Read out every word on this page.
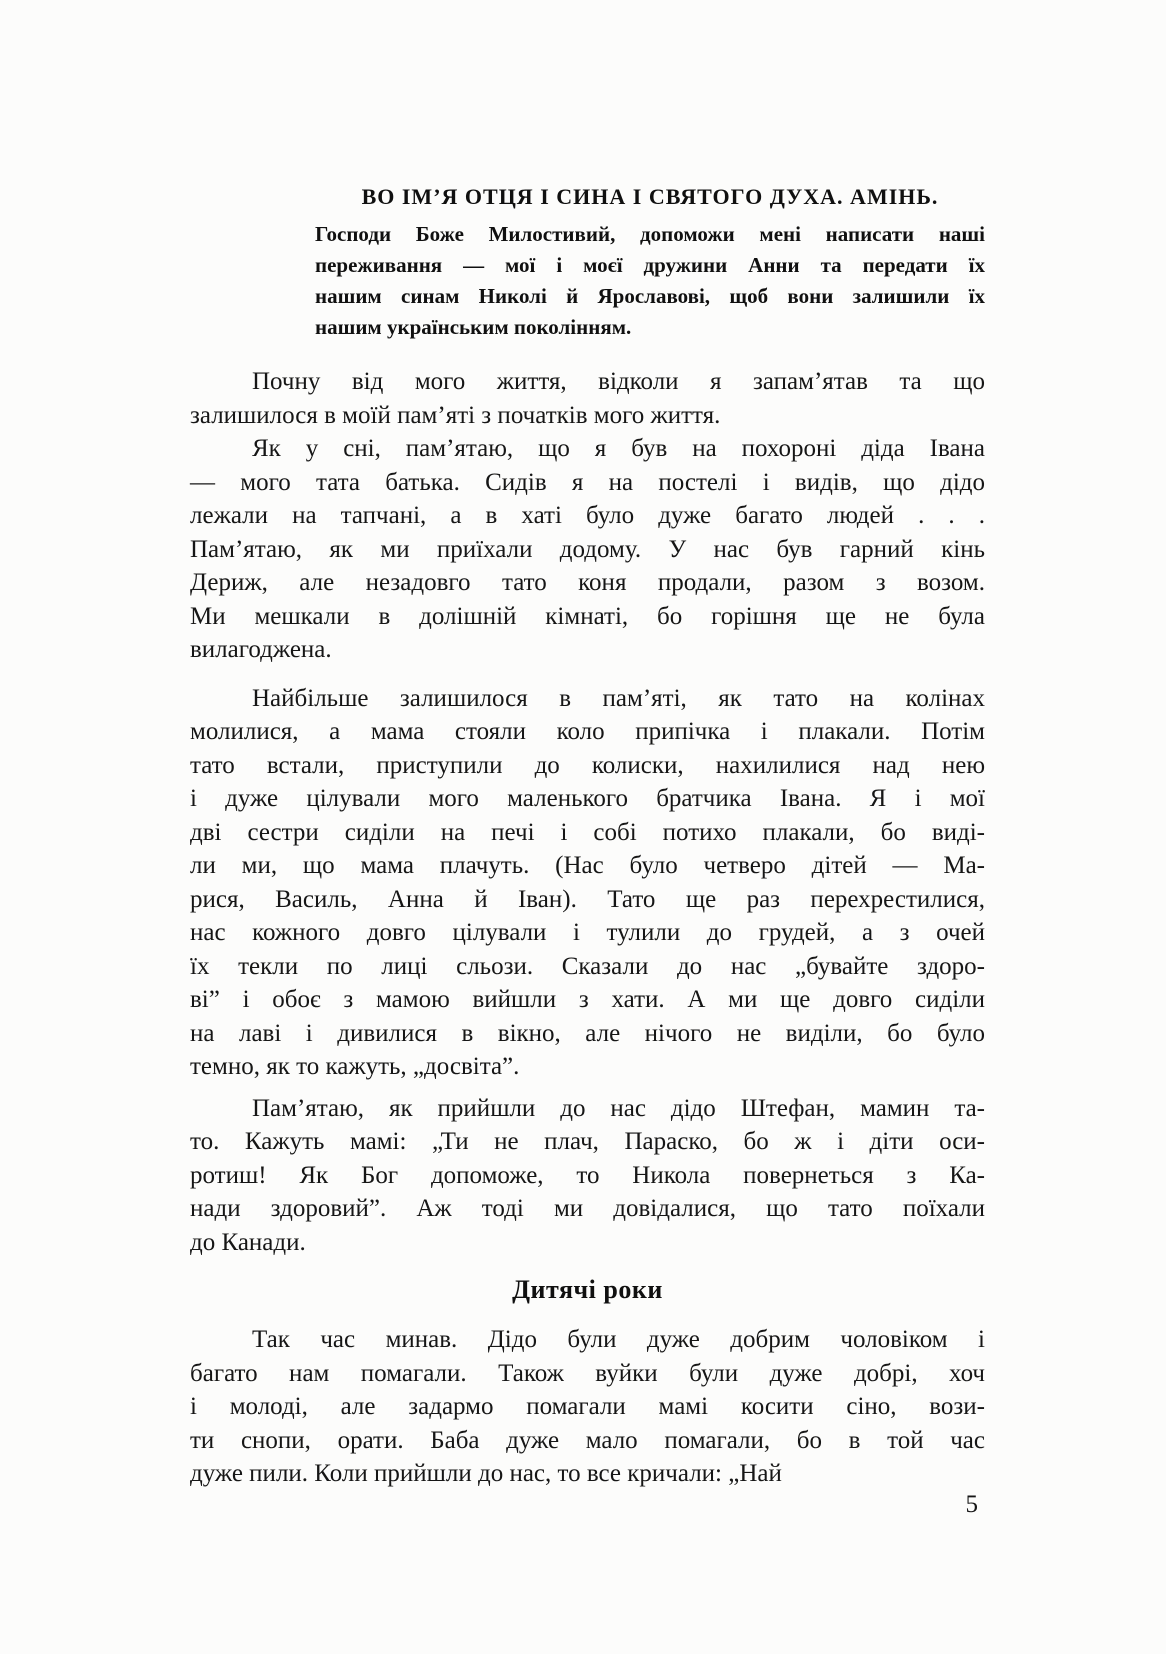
ВО ІМ’Я ОТЦЯ І СИНА І СВЯТОГО ДУХА. АМІНЬ.
Господи Боже Милостивий, допоможи мені написати наші
переживання — мої і моєї дружини Анни та передати їх
нашим синам Николі й Ярославові, щоб вони залишили їх
нашим українським поколінням.
Почну від мого життя, відколи я запам’ятав та що
залишилося в моїй пам’яті з початків мого життя.
Як у сні, пам’ятаю, що я був на похороні діда Івана
— мого тата батька. Сидів я на постелі і видів, що дідо
лежали на тапчані, а в хаті було дуже багато людей . . .
Пам’ятаю, як ми приїхали додому. У нас був гарний кінь
Дериж, але незадовго тато коня продали, разом з возом.
Ми мешкали в долішній кімнаті, бо горішня ще не була
вилагоджена.
Найбільше залишилося в пам’яті, як тато на колінах
молилися, а мама стояли коло припічка і плакали. Потім
тато встали, приступили до колиски, нахилилися над нею
і дуже цілували мого маленького братчика Івана. Я і мої
дві сестри сиділи на печі і собі потихо плакали, бо виді-
ли ми, що мама плачуть. (Нас було четверо дітей — Ма-
рися, Василь, Анна й Іван). Тато ще раз перехрестилися,
нас кожного довго цілували і тулили до грудей, а з очей
їх текли по лиці сльози. Сказали до нас „бувайте здоро-
ві” і обоє з мамою вийшли з хати. А ми ще довго сиділи
на лаві і дивилися в вікно, але нічого не виділи, бо було
темно, як то кажуть, „досвіта”.
Пам’ятаю, як прийшли до нас дідо Штефан, мамин та-
то. Кажуть мамі: „Ти не плач, Параско, бо ж і діти оси-
ротиш! Як Бог допоможе, то Никола повернеться з Ка-
нади здоровий”. Аж тоді ми довідалися, що тато поїхали
до Канади.
Дитячі роки
Так час минав. Дідо були дуже добрим чоловіком і
багато нам помагали. Також вуйки були дуже добрі, хоч
і молоді, але задармо помагали мамі косити сіно, вози-
ти снопи, орати. Баба дуже мало помагали, бо в той час
дуже пили. Коли прийшли до нас, то все кричали: „Най
5
